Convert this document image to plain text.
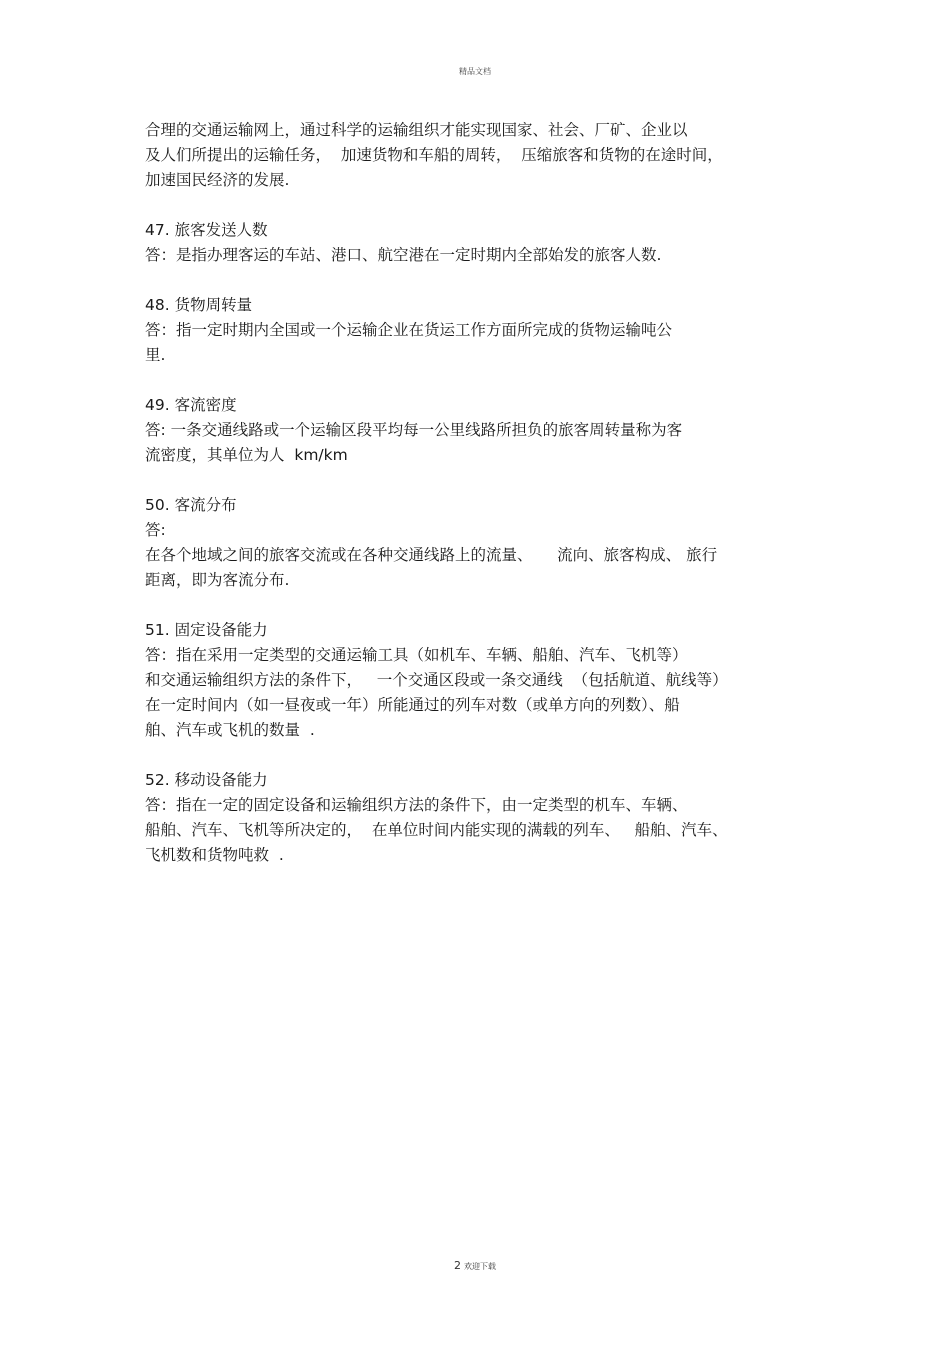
精品文档
合理的交通运输网上，通过科学的运输组织才能实现国家、社会、厂矿、企业以
及人们所提出的运输任务，  加速货物和车船的周转，  压缩旅客和货物的在途时间，
加速国民经济的发展.
47. 旅客发送人数
答：是指办理客运的车站、港口、航空港在一定时期内全部始发的旅客人数.
48. 货物周转量
答：指一定时期内全国或一个运输企业在货运工作方面所完成的货物运输吨公
里.
49. 客流密度
答: 一条交通线路或一个运输区段平均每一公里线路所担负的旅客周转量称为客
流密度，其单位为人  km/km
50. 客流分布
答:
在各个地域之间的旅客交流或在各种交通线路上的流量、     流向、旅客构成、 旅行
距离，即为客流分布.
51. 固定设备能力
答：指在采用一定类型的交通运输工具（如机车、车辆、船舶、汽车、飞机等）
和交通运输组织方法的条件下，   一个交通区段或一条交通线  （包括航道、航线等）
在一定时间内（如一昼夜或一年）所能通过的列车对数（或单方向的列数）、船
舶、汽车或飞机的数量  .
52. 移动设备能力
答：指在一定的固定设备和运输组织方法的条件下，由一定类型的机车、车辆、
船舶、汽车、飞机等所决定的，  在单位时间内能实现的满载的列车、   船舶、汽车、
飞机数和货物吨救  .
2 欢迎下载
